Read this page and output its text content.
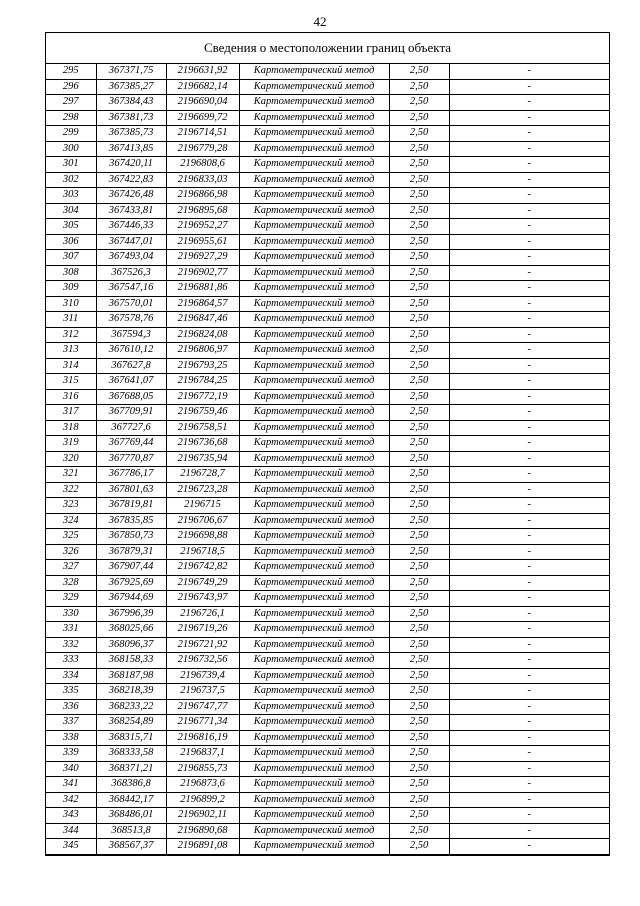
42
Сведения о местоположении границ объекта
295	367371,75	2196631,92	Картометрический метод	2,50	-
296	367385,27	2196682,14	Картометрический метод	2,50	-
297	367384,43	2196690,04	Картометрический метод	2,50	-
298	367381,73	2196699,72	Картометрический метод	2,50	-
299	367385,73	2196714,51	Картометрический метод	2,50	-
300	367413,85	2196779,28	Картометрический метод	2,50	-
301	367420,11	2196808,6	Картометрический метод	2,50	-
302	367422,83	2196833,03	Картометрический метод	2,50	-
303	367426,48	2196866,98	Картометрический метод	2,50	-
304	367433,81	2196895,68	Картометрический метод	2,50	-
305	367446,33	2196952,27	Картометрический метод	2,50	-
306	367447,01	2196955,61	Картометрический метод	2,50	-
307	367493,04	2196927,29	Картометрический метод	2,50	-
308	367526,3	2196902,77	Картометрический метод	2,50	-
309	367547,16	2196881,86	Картометрический метод	2,50	-
310	367570,01	2196864,57	Картометрический метод	2,50	-
311	367578,76	2196847,46	Картометрический метод	2,50	-
312	367594,3	2196824,08	Картометрический метод	2,50	-
313	367610,12	2196806,97	Картометрический метод	2,50	-
314	367627,8	2196793,25	Картометрический метод	2,50	-
315	367641,07	2196784,25	Картометрический метод	2,50	-
316	367688,05	2196772,19	Картометрический метод	2,50	-
317	367709,91	2196759,46	Картометрический метод	2,50	-
318	367727,6	2196758,51	Картометрический метод	2,50	-
319	367769,44	2196736,68	Картометрический метод	2,50	-
320	367770,87	2196735,94	Картометрический метод	2,50	-
321	367786,17	2196728,7	Картометрический метод	2,50	-
322	367801,63	2196723,28	Картометрический метод	2,50	-
323	367819,81	2196715	Картометрический метод	2,50	-
324	367835,85	2196706,67	Картометрический метод	2,50	-
325	367850,73	2196698,88	Картометрический метод	2,50	-
326	367879,31	2196718,5	Картометрический метод	2,50	-
327	367907,44	2196742,82	Картометрический метод	2,50	-
328	367925,69	2196749,29	Картометрический метод	2,50	-
329	367944,69	2196743,97	Картометрический метод	2,50	-
330	367996,39	2196726,1	Картометрический метод	2,50	-
331	368025,66	2196719,26	Картометрический метод	2,50	-
332	368096,37	2196721,92	Картометрический метод	2,50	-
333	368158,33	2196732,56	Картометрический метод	2,50	-
334	368187,98	2196739,4	Картометрический метод	2,50	-
335	368218,39	2196737,5	Картометрический метод	2,50	-
336	368233,22	2196747,77	Картометрический метод	2,50	-
337	368254,89	2196771,34	Картометрический метод	2,50	-
338	368315,71	2196816,19	Картометрический метод	2,50	-
339	368333,58	2196837,1	Картометрический метод	2,50	-
340	368371,21	2196855,73	Картометрический метод	2,50	-
341	368386,8	2196873,6	Картометрический метод	2,50	-
342	368442,17	2196899,2	Картометрический метод	2,50	-
343	368486,01	2196902,11	Картометрический метод	2,50	-
344	368513,8	2196890,68	Картометрический метод	2,50	-
345	368567,37	2196891,08	Картометрический метод	2,50	-
